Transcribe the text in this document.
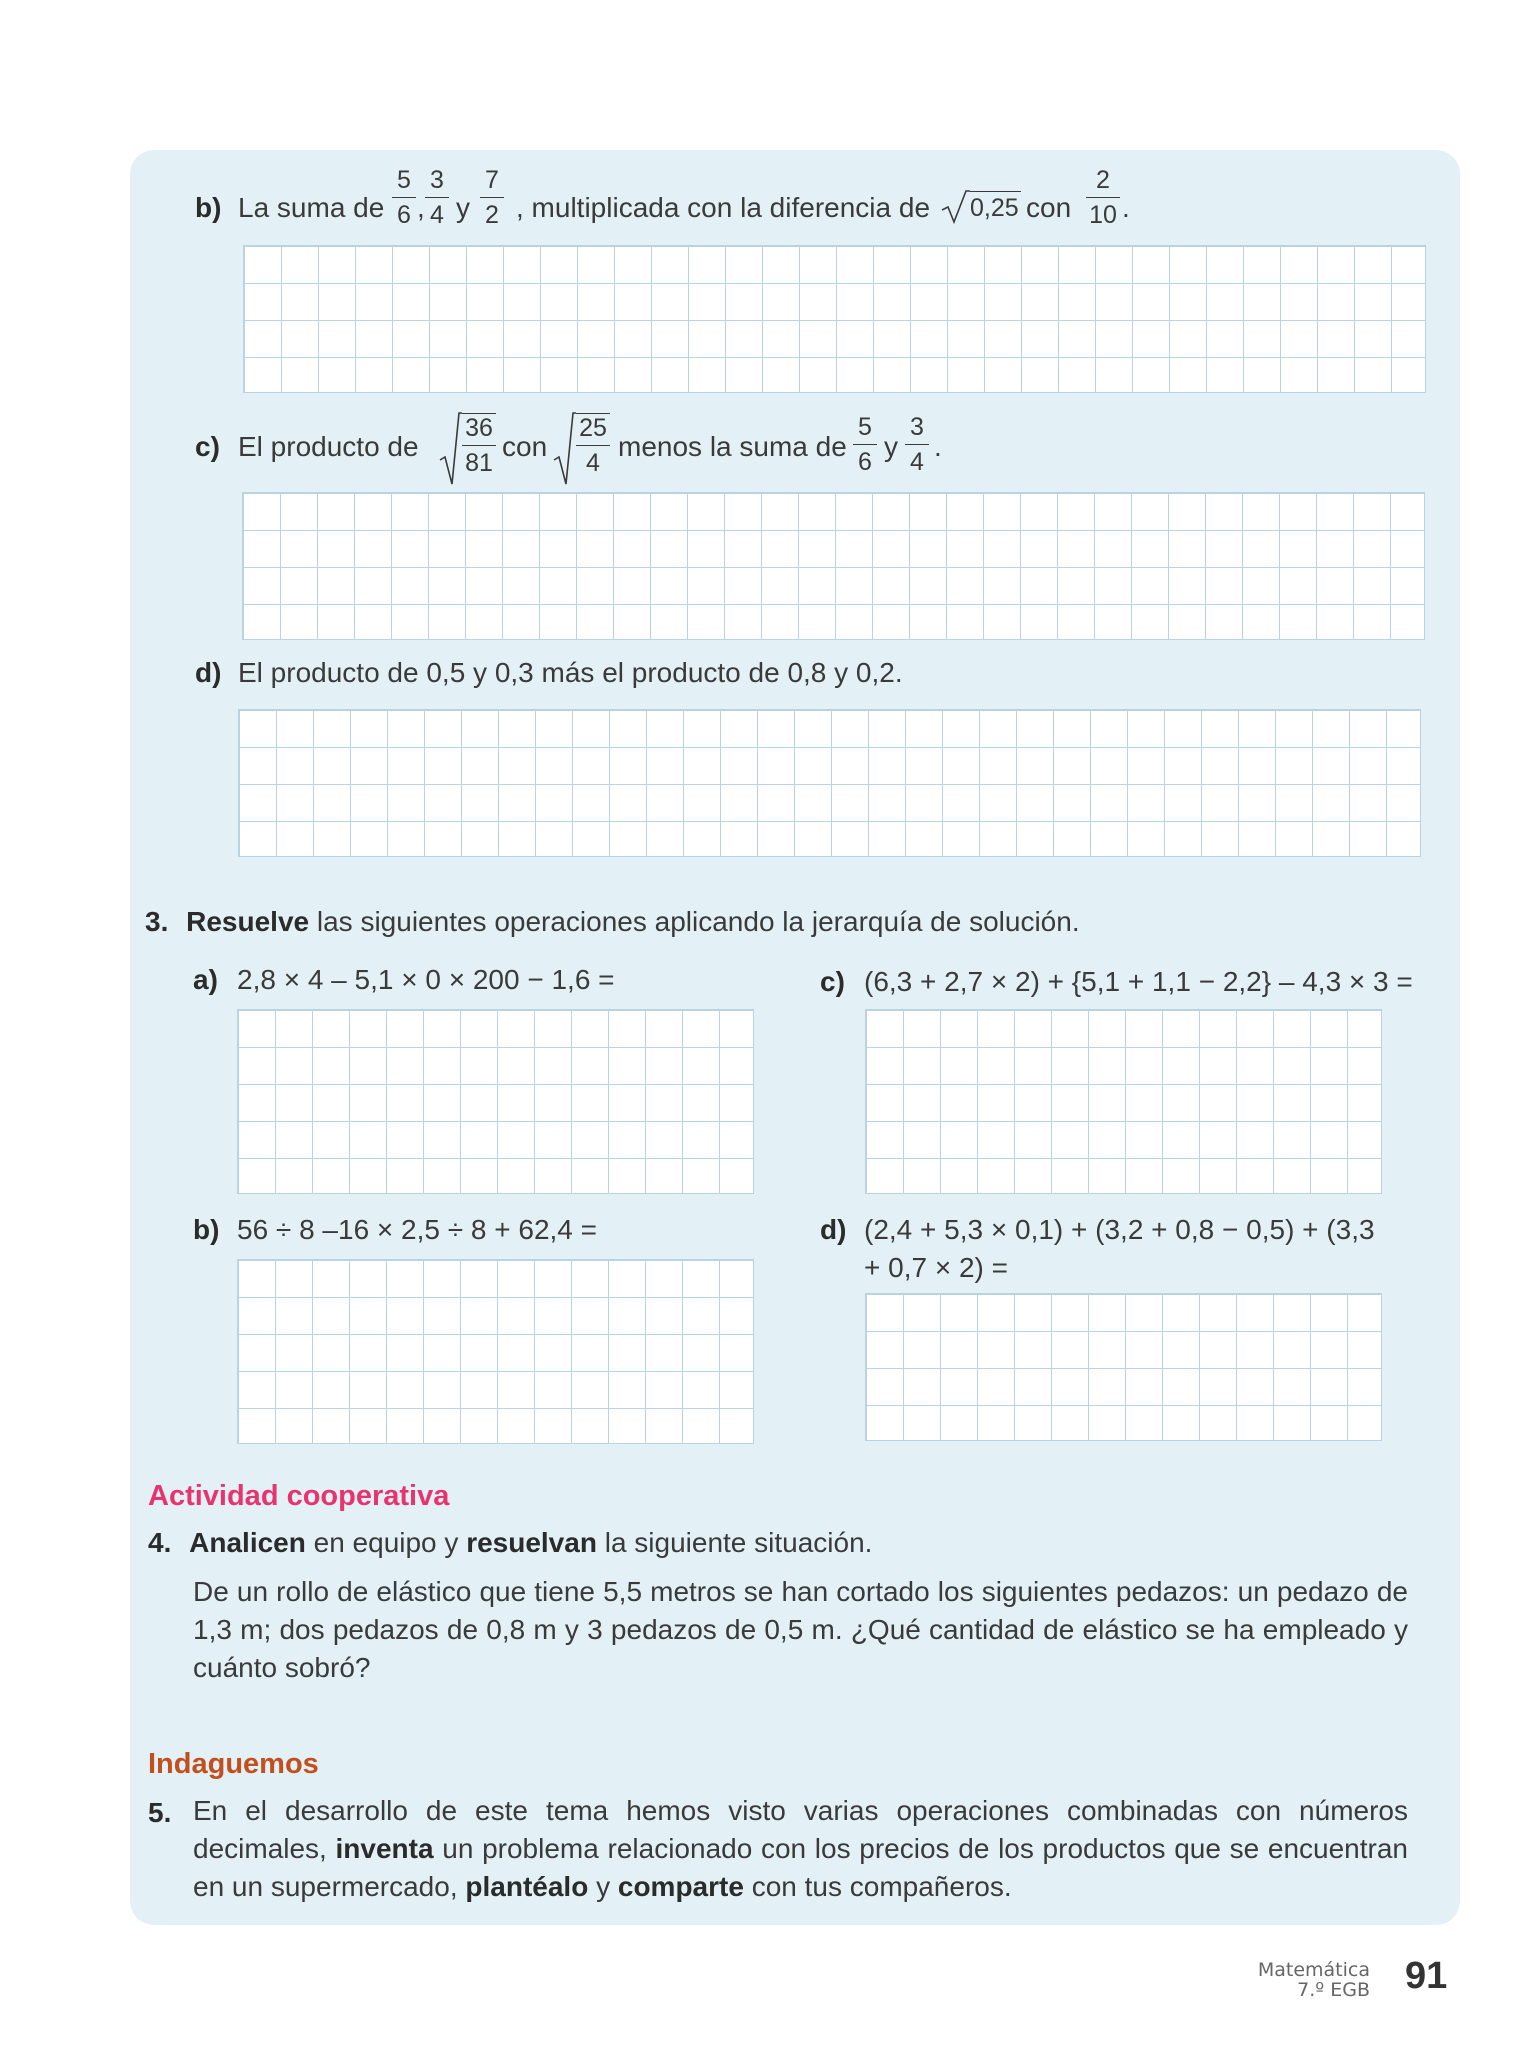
b) La suma de
5
6 ,
3
4 y
7
2 , multiplicada con la diferencia de 0,25 con
2
10 .
c) El producto de
36
81
con
25
4
menos la suma de
5
6 y
3
4 .
d) El producto de 0,5 y 0,3 más el producto de 0,8 y 0,2.
3. Resuelve las siguientes operaciones aplicando la jerarquía de solución.
a) 2,8 × 4 – 5,1 × 0 × 200 − 1,6 =	c) (6,3 + 2,7 × 2) + {5,1 + 1,1 − 2,2} – 4,3 × 3 =
b) 56 ÷ 8 –16 × 2,5 ÷ 8 + 62,4 =	d) (2,4 + 5,3 × 0,1) + (3,2 + 0,8 − 0,5) + (3,3
+ 0,7 × 2) =
Actividad cooperativa
4. Analicen en equipo y resuelvan la siguiente situación.
De un rollo de elástico que tiene 5,5 metros se han cortado los siguientes pedazos: un pedazo de 1,3 m; dos pedazos de 0,8 m y 3 pedazos de 0,5 m. ¿Qué cantidad de elástico se ha empleado y cuánto sobró?
Indaguemos
5. En el desarrollo de este tema hemos visto varias operaciones combinadas con números decimales, inventa un problema relacionado con los precios de los productos que se encuentran en un supermercado, plantéalo y comparte con tus compañeros.
Matemática
7.º EGB 91
